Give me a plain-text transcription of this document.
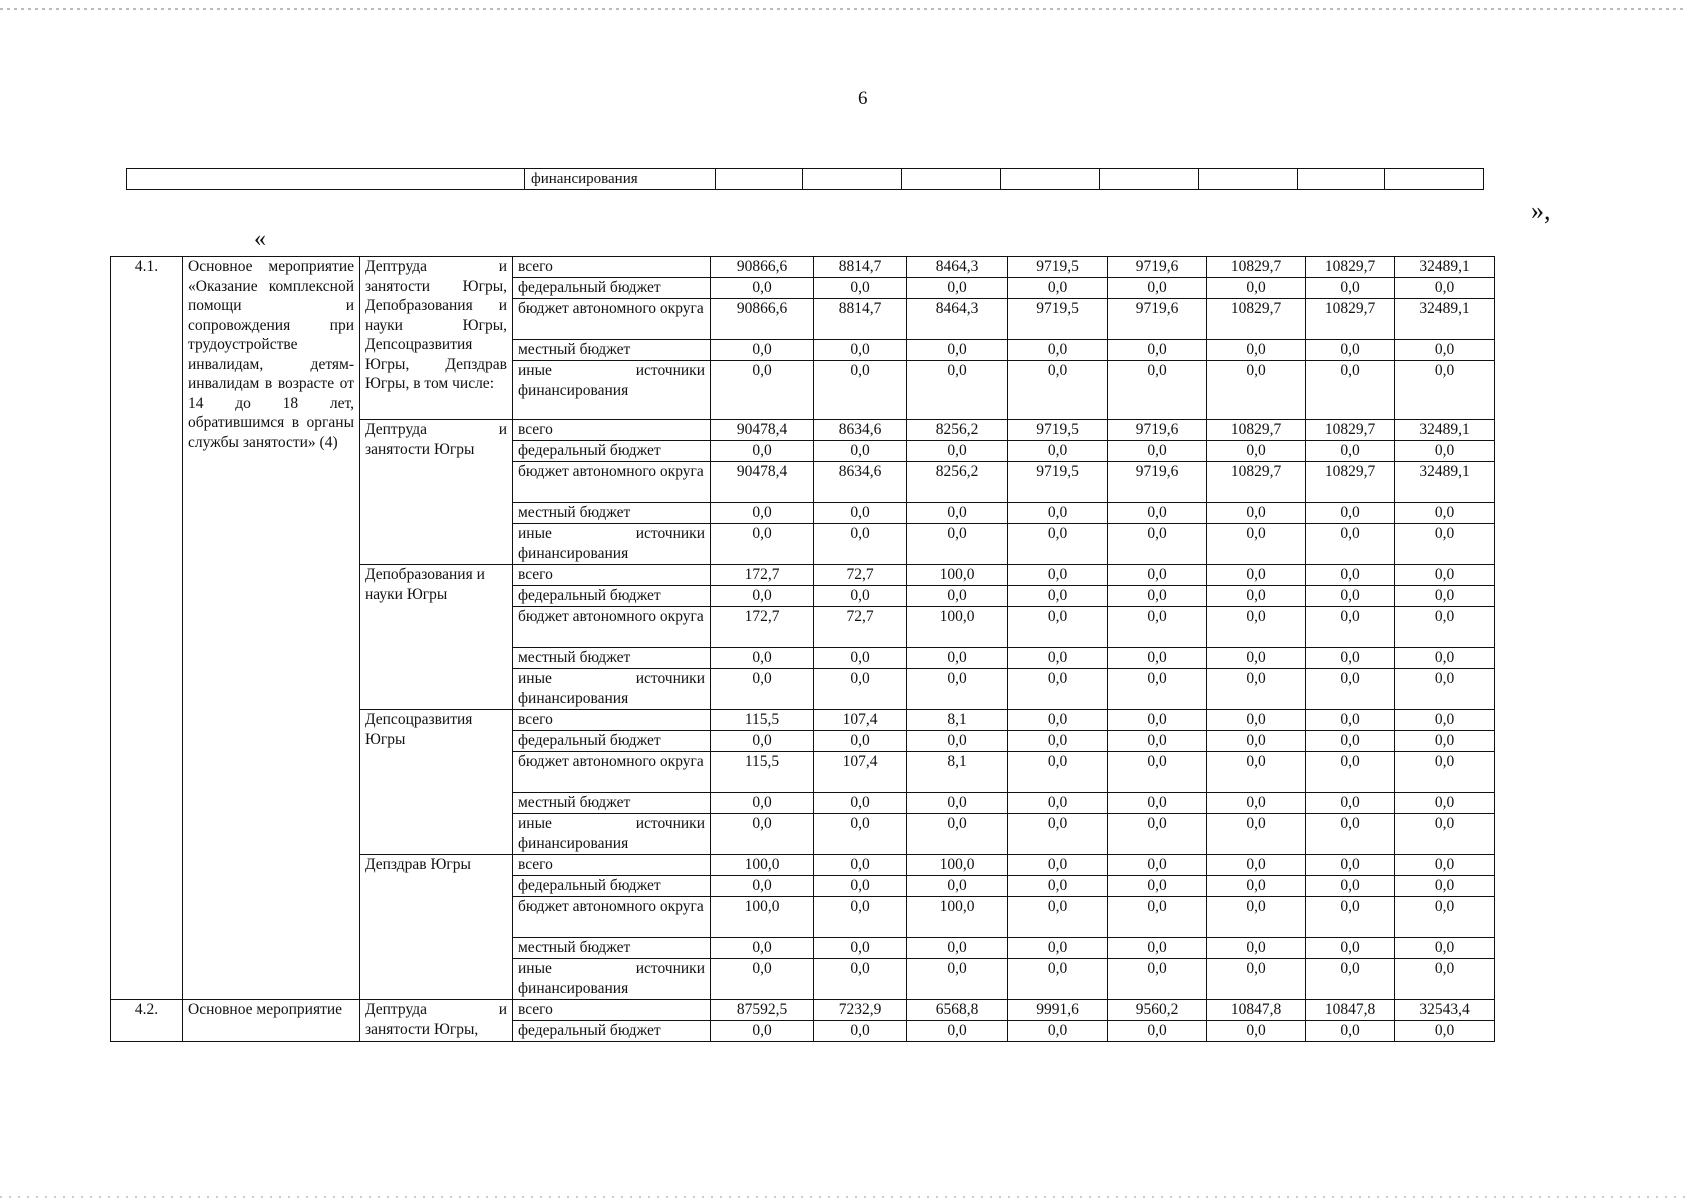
6
	финансирования								
»,
«
4.1.	Основное мероприятие «Оказание комплексной помощи и сопровождения при трудоустройстве инвалидам, детям-инвалидам в возрасте от 14 до 18 лет, обратившимся в органы службы занятости» (4)	Дептруда и занятости Югры, Депобразования и науки Югры, Депсоцразвития Югры, Депздрав Югры, в том числе:	всего	90866,6	8814,7	8464,3	9719,5	9719,6	10829,7	10829,7	32489,1
			федеральный бюджет	0,0	0,0	0,0	0,0	0,0	0,0	0,0	0,0
			бюджет автономного округа	90866,6	8814,7	8464,3	9719,5	9719,6	10829,7	10829,7	32489,1
			местный бюджет	0,0	0,0	0,0	0,0	0,0	0,0	0,0	0,0
			иные источники финансирования	0,0	0,0	0,0	0,0	0,0	0,0	0,0	0,0
		Дептруда и занятости Югры	всего	90478,4	8634,6	8256,2	9719,5	9719,6	10829,7	10829,7	32489,1
			федеральный бюджет	0,0	0,0	0,0	0,0	0,0	0,0	0,0	0,0
			бюджет автономного округа	90478,4	8634,6	8256,2	9719,5	9719,6	10829,7	10829,7	32489,1
			местный бюджет	0,0	0,0	0,0	0,0	0,0	0,0	0,0	0,0
			иные источники финансирования	0,0	0,0	0,0	0,0	0,0	0,0	0,0	0,0
		Депобразования и науки Югры	всего	172,7	72,7	100,0	0,0	0,0	0,0	0,0	0,0
			федеральный бюджет	0,0	0,0	0,0	0,0	0,0	0,0	0,0	0,0
			бюджет автономного округа	172,7	72,7	100,0	0,0	0,0	0,0	0,0	0,0
			местный бюджет	0,0	0,0	0,0	0,0	0,0	0,0	0,0	0,0
			иные источники финансирования	0,0	0,0	0,0	0,0	0,0	0,0	0,0	0,0
		Депсоцразвития Югры	всего	115,5	107,4	8,1	0,0	0,0	0,0	0,0	0,0
			федеральный бюджет	0,0	0,0	0,0	0,0	0,0	0,0	0,0	0,0
			бюджет автономного округа	115,5	107,4	8,1	0,0	0,0	0,0	0,0	0,0
			местный бюджет	0,0	0,0	0,0	0,0	0,0	0,0	0,0	0,0
			иные источники финансирования	0,0	0,0	0,0	0,0	0,0	0,0	0,0	0,0
		Депздрав Югры	всего	100,0	0,0	100,0	0,0	0,0	0,0	0,0	0,0
			федеральный бюджет	0,0	0,0	0,0	0,0	0,0	0,0	0,0	0,0
			бюджет автономного округа	100,0	0,0	100,0	0,0	0,0	0,0	0,0	0,0
			местный бюджет	0,0	0,0	0,0	0,0	0,0	0,0	0,0	0,0
			иные источники финансирования	0,0	0,0	0,0	0,0	0,0	0,0	0,0	0,0
4.2.	Основное мероприятие	Дептруда и занятости Югры,	всего	87592,5	7232,9	6568,8	9991,6	9560,2	10847,8	10847,8	32543,4
			федеральный бюджет	0,0	0,0	0,0	0,0	0,0	0,0	0,0	0,0
